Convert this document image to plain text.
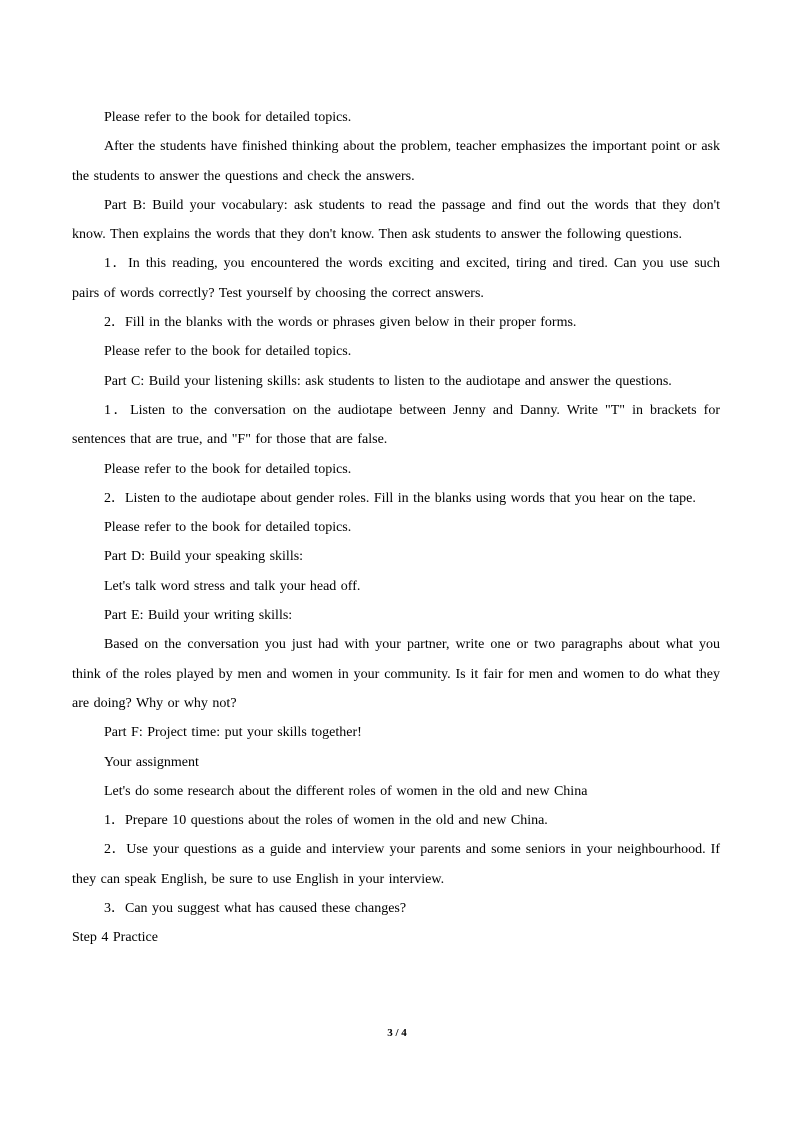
Please refer to the book for detailed topics.

After the students have finished thinking about the problem, teacher emphasizes the important point or ask the students to answer the questions and check the answers.

Part B: Build your vocabulary: ask students to read the passage and find out the words that they don't know. Then explains the words that they don't know. Then ask students to answer the following questions.

1．In this reading, you encountered the words exciting and excited, tiring and tired. Can you use such pairs of words correctly? Test yourself by choosing the correct answers.

2．Fill in the blanks with the words or phrases given below in their proper forms.

Please refer to the book for detailed topics.

Part C: Build your listening skills: ask students to listen to the audiotape and answer the questions.

1．Listen to the conversation on the audiotape between Jenny and Danny. Write "T" in brackets for sentences that are true, and "F" for those that are false.

Please refer to the book for detailed topics.

2．Listen to the audiotape about gender roles. Fill in the blanks using words that you hear on the tape.

Please refer to the book for detailed topics.

Part D: Build your speaking skills:

Let's talk word stress and talk your head off.

Part E: Build your writing skills:

Based on the conversation you just had with your partner, write one or two paragraphs about what you think of the roles played by men and women in your community. Is it fair for men and women to do what they are doing? Why or why not?

Part F: Project time: put your skills together!

Your assignment

Let's do some research about the different roles of women in the old and new China

1．Prepare 10 questions about the roles of women in the old and new China.

2．Use your questions as a guide and interview your parents and some seniors in your neighbourhood. If they can speak English, be sure to use English in your interview.

3．Can you suggest what has caused these changes?

Step 4 Practice

3 / 4
